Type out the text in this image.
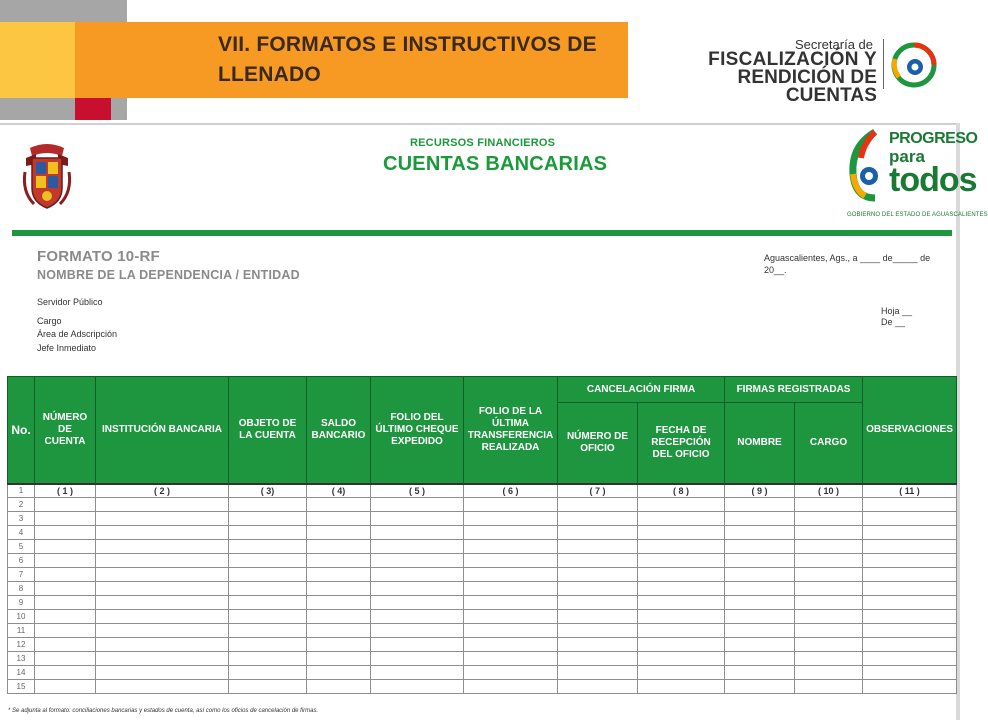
VII. FORMATOS E INSTRUCTIVOS DE LLENADO
Secretaría de
FISCALIZACIÓN Y
RENDICIÓN DE CUENTAS
RECURSOS FINANCIEROS
CUENTAS BANCARIAS
PROGRESO
para
todos
GOBIERNO DEL ESTADO DE AGUASCALIENTES
FORMATO 10-RF
NOMBRE DE LA DEPENDENCIA / ENTIDAD
Servidor Público
Cargo
Área de Adscripción
Jefe Inmediato
Aguascalientes, Ags., a ____ de_____ de
20__.
Hoja __
De __
No.	NÚMERO DE CUENTA	INSTITUCIÓN BANCARIA	OBJETO DE LA CUENTA	SALDO BANCARIO	FOLIO DEL ÚLTIMO CHEQUE EXPEDIDO	FOLIO DE LA ÚLTIMA TRANSFERENCIA REALIZADA	CANCELACIÓN FIRMA		FIRMAS REGISTRADAS		OBSERVACIONES
							NÚMERO DE OFICIO	FECHA DE RECEPCIÓN DEL OFICIO	NOMBRE	CARGO	
1	( 1 )	( 2 )	( 3)	( 4)	( 5 )	( 6 )	( 7 )	( 8 )	( 9 )	( 10 )	( 11 )
2											
3											
4											
5											
6											
7											
8											
9											
10											
11											
12											
13											
14											
15											
* Se adjunta al formato: conciliaciones bancarias y estados de cuenta, así como los oficios de cancelación de firmas.
